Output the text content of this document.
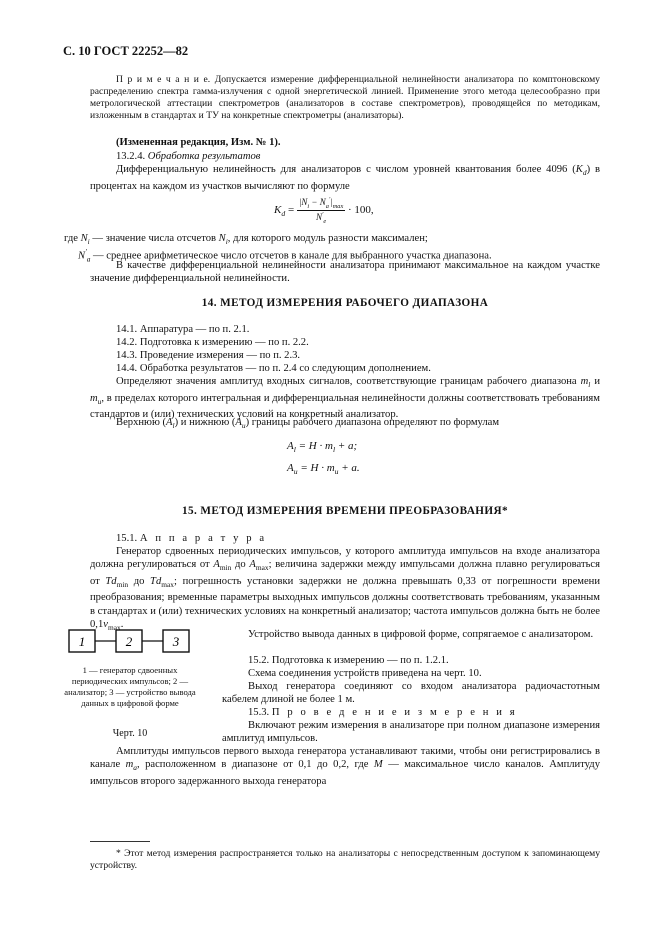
С. 10 ГОСТ 22252—82
П р и м е ч а н и е. Допускается измерение дифференциальной нелинейности анализатора по комптоновскому распределению спектра гамма-излучения с одной энергетической линией. Применение этого метода целесообразно при метрологической аттестации спектрометров (анализаторов в составе спектрометров), проводящейся по методикам, изложенным в стандартах и ТУ на конкретные спектрометры (анализаторы).
(Измененная редакция, Изм. № 1).
13.2.4. Обработка результатов
Дифференциальную нелинейность для анализаторов с числом уровней квантования более 4096 $(K_d)$ в процентах на каждом из участков вычисляют по формуле
$K_d = \frac{|N_i - N_a'|_{max}}{N'_e} \cdot 100$,
где $N_i$ — значение числа отсчетов $N_i$, для которого модуль разности максимален;
$N'_a$ — среднее арифметическое число отсчетов в канале для выбранного участка диапазона.
В качестве дифференциальной нелинейности анализатора принимают максимальное на каждом участке значение дифференциальной нелинейности.
14. МЕТОД ИЗМЕРЕНИЯ РАБОЧЕГО ДИАПАЗОНА
14.1. Аппаратура — по п. 2.1.
14.2. Подготовка к измерению — по п. 2.2.
14.3. Проведение измерения — по п. 2.3.
14.4. Обработка результатов — по п. 2.4 со следующим дополнением.
Определяют значения амплитуд входных сигналов, соответствующие границам рабочего диапазона $m_l$ и $m_u$, в пределах которого интегральная и дифференциальная нелинейности должны соответствовать требованиям стандартов и (или) технических условий на конкретный анализатор.
Верхнюю $(A_l)$ и нижнюю $(A_u)$ границы рабочего диапазона определяют по формулам
$A_l = H \cdot m_l + a$;
$A_u = H \cdot m_u + a$.
15. МЕТОД ИЗМЕРЕНИЯ ВРЕМЕНИ ПРЕОБРАЗОВАНИЯ*
15.1. А п п а р а т у р а
Генератор сдвоенных периодических импульсов, у которого амплитуда импульсов на входе анализатора должна регулироваться от $A_{min}$ до $A_{max}$; величина задержки между импульсами должна плавно регулироваться от $Td_{min}$ до $Td_{max}$; погрешность установки задержки не должна превышать 0,33 от погрешности времени преобразования; временные параметры выходных импульсов должны соответствовать требованиям, указанным в стандартах и (или) технических условиях на конкретный анализатор; частота импульсов должна быть не более $0,1v_{max}$.
1	2	3
1 — генератор сдвоенных периодических импульсов; 2 — анализатор; 3 — устройство вывода данных в цифровой форме
Черт. 10
Устройство вывода данных в цифровой форме, сопрягаемое с анализатором.
15.2. Подготовка к измерению — по п. 1.2.1.
Схема соединения устройств приведена на черт. 10.
Выход генератора соединяют со входом анализатора радиочастотным кабелем длиной не более 1 м.
15.3. П р о в е д е н и е и з м е р е н и я
Включают режим измерения в анализаторе при полном диапазоне измерения амплитуд импульсов.
Амплитуды импульсов первого выхода генератора устанавливают такими, чтобы они регистрировались в канале $m_a$, расположенном в диапазоне от 0,1 до 0,2, где M — максимальное число каналов. Амплитуду импульсов второго задержанного выхода генератора
* Этот метод измерения распространяется только на анализаторы с непосредственным доступом к запоминающему устройству.
